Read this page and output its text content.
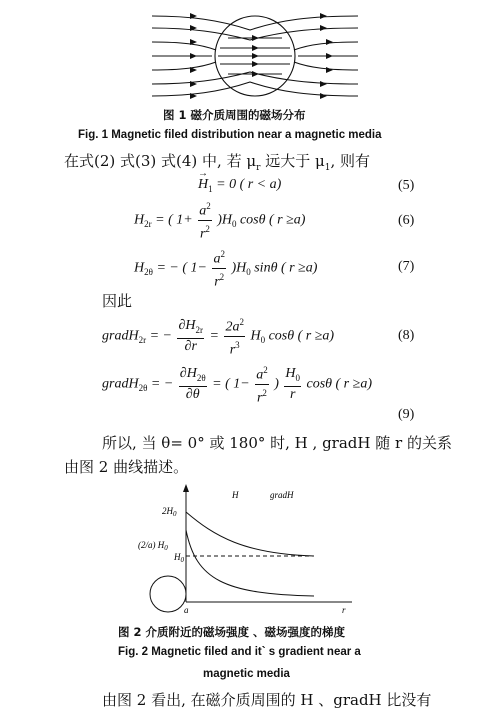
图 1 磁介质周围的磁场分布
Fig. 1 Magnetic filed distribution near a magnetic media
在式(2) 式(3) 式(4) 中, 若 $\mu_r$ 远大于 $\mu_1$, 则有
→
$H_1 = 0$ ( r < a)	(5)
$H_{2r}$ = ( $1+ \frac{a^2}{r^2} )H_0$ cosθ ( r ≥a)	(6)
$H_{2\theta}$ = − ( $1- \frac{a^2}{r^2} )H_0$ sinθ ( r ≥a)	(7)
因此
gradH$_{2r}$ = − $\frac{\partial H_{2r}}{\partial r} = \frac{2a^2}{r^3} H_0$ cosθ ( r ≥a)	(8)
gradH$_{2\theta}$ = − $\frac{\partial H_{2\theta}}{\partial\theta}$ = ( $1- \frac{a^2}{r^2}$ ) $\frac{H_0}{r}$ cosθ ( r ≥a)
(9)
所以, 当 θ= 0° 或 180° 时, H , gradH 随 r 的关系
由图 2 曲线描述。
H	gradH
$2H_0$
(2/a) $H_0$
$H_0$
a	r
图 2 介质附近的磁场强度 、磁场强度的梯度
Fig. 2 Magnetic filed and it` s gradient near a
magnetic media
由图 2 看出, 在磁介质周围的 H 、gradH 比没有
